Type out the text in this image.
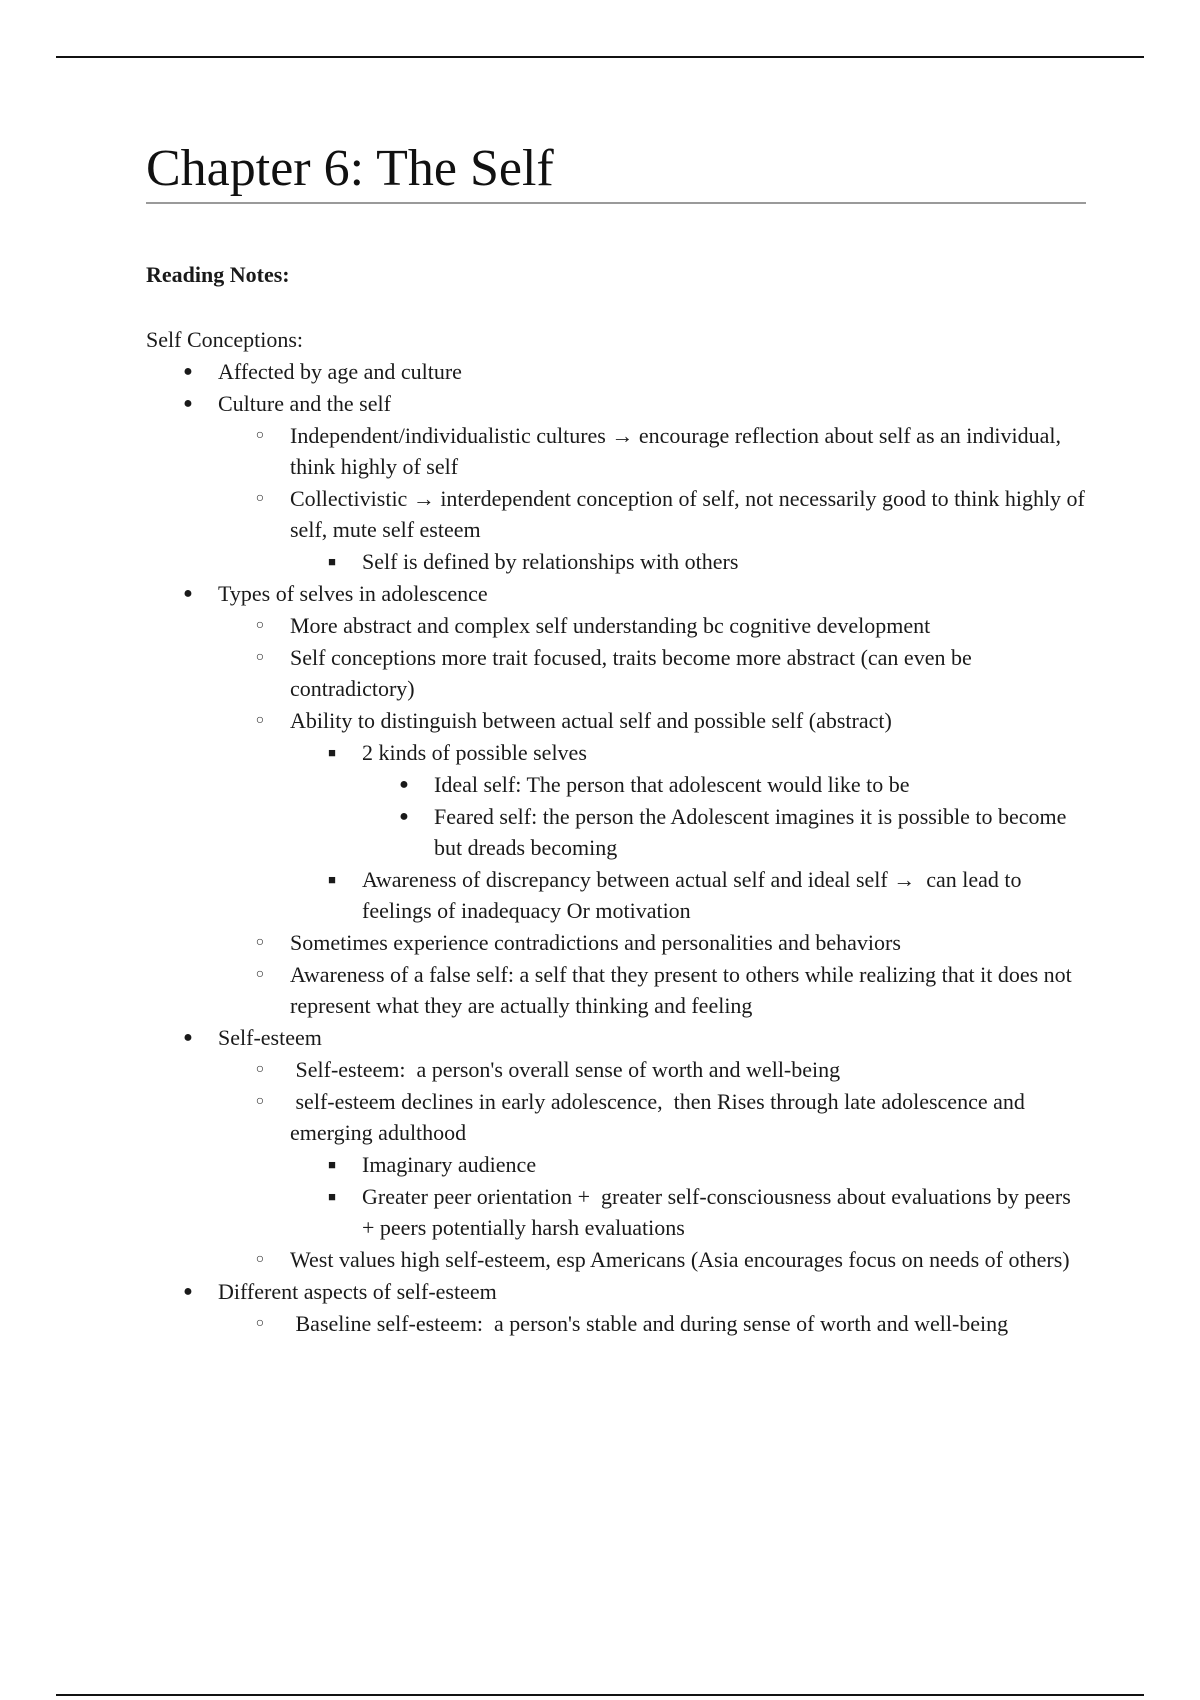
Chapter 6: The Self
Reading Notes:
Self Conceptions:
● Affected by age and culture
● Culture and the self
○ Independent/individualistic cultures → encourage reflection about self as an individual, think highly of self
○ Collectivistic → interdependent conception of self, not necessarily good to think highly of self, mute self esteem
■ Self is defined by relationships with others
● Types of selves in adolescence
○ More abstract and complex self understanding bc cognitive development
○ Self conceptions more trait focused, traits become more abstract (can even be contradictory)
○ Ability to distinguish between actual self and possible self (abstract)
■ 2 kinds of possible selves
● Ideal self: The person that adolescent would like to be
● Feared self: the person the Adolescent imagines it is possible to become but dreads becoming
■ Awareness of discrepancy between actual self and ideal self →  can lead to feelings of inadequacy Or motivation
○ Sometimes experience contradictions and personalities and behaviors
○ Awareness of a false self: a self that they present to others while realizing that it does not represent what they are actually thinking and feeling
● Self-esteem
○ Self-esteem:  a person's overall sense of worth and well-being
○ self-esteem declines in early adolescence,  then Rises through late adolescence and emerging adulthood
■ Imaginary audience
■ Greater peer orientation +  greater self-consciousness about evaluations by peers + peers potentially harsh evaluations
○ West values high self-esteem, esp Americans (Asia encourages focus on needs of others)
● Different aspects of self-esteem
○ Baseline self-esteem:  a person's stable and during sense of worth and well-being
